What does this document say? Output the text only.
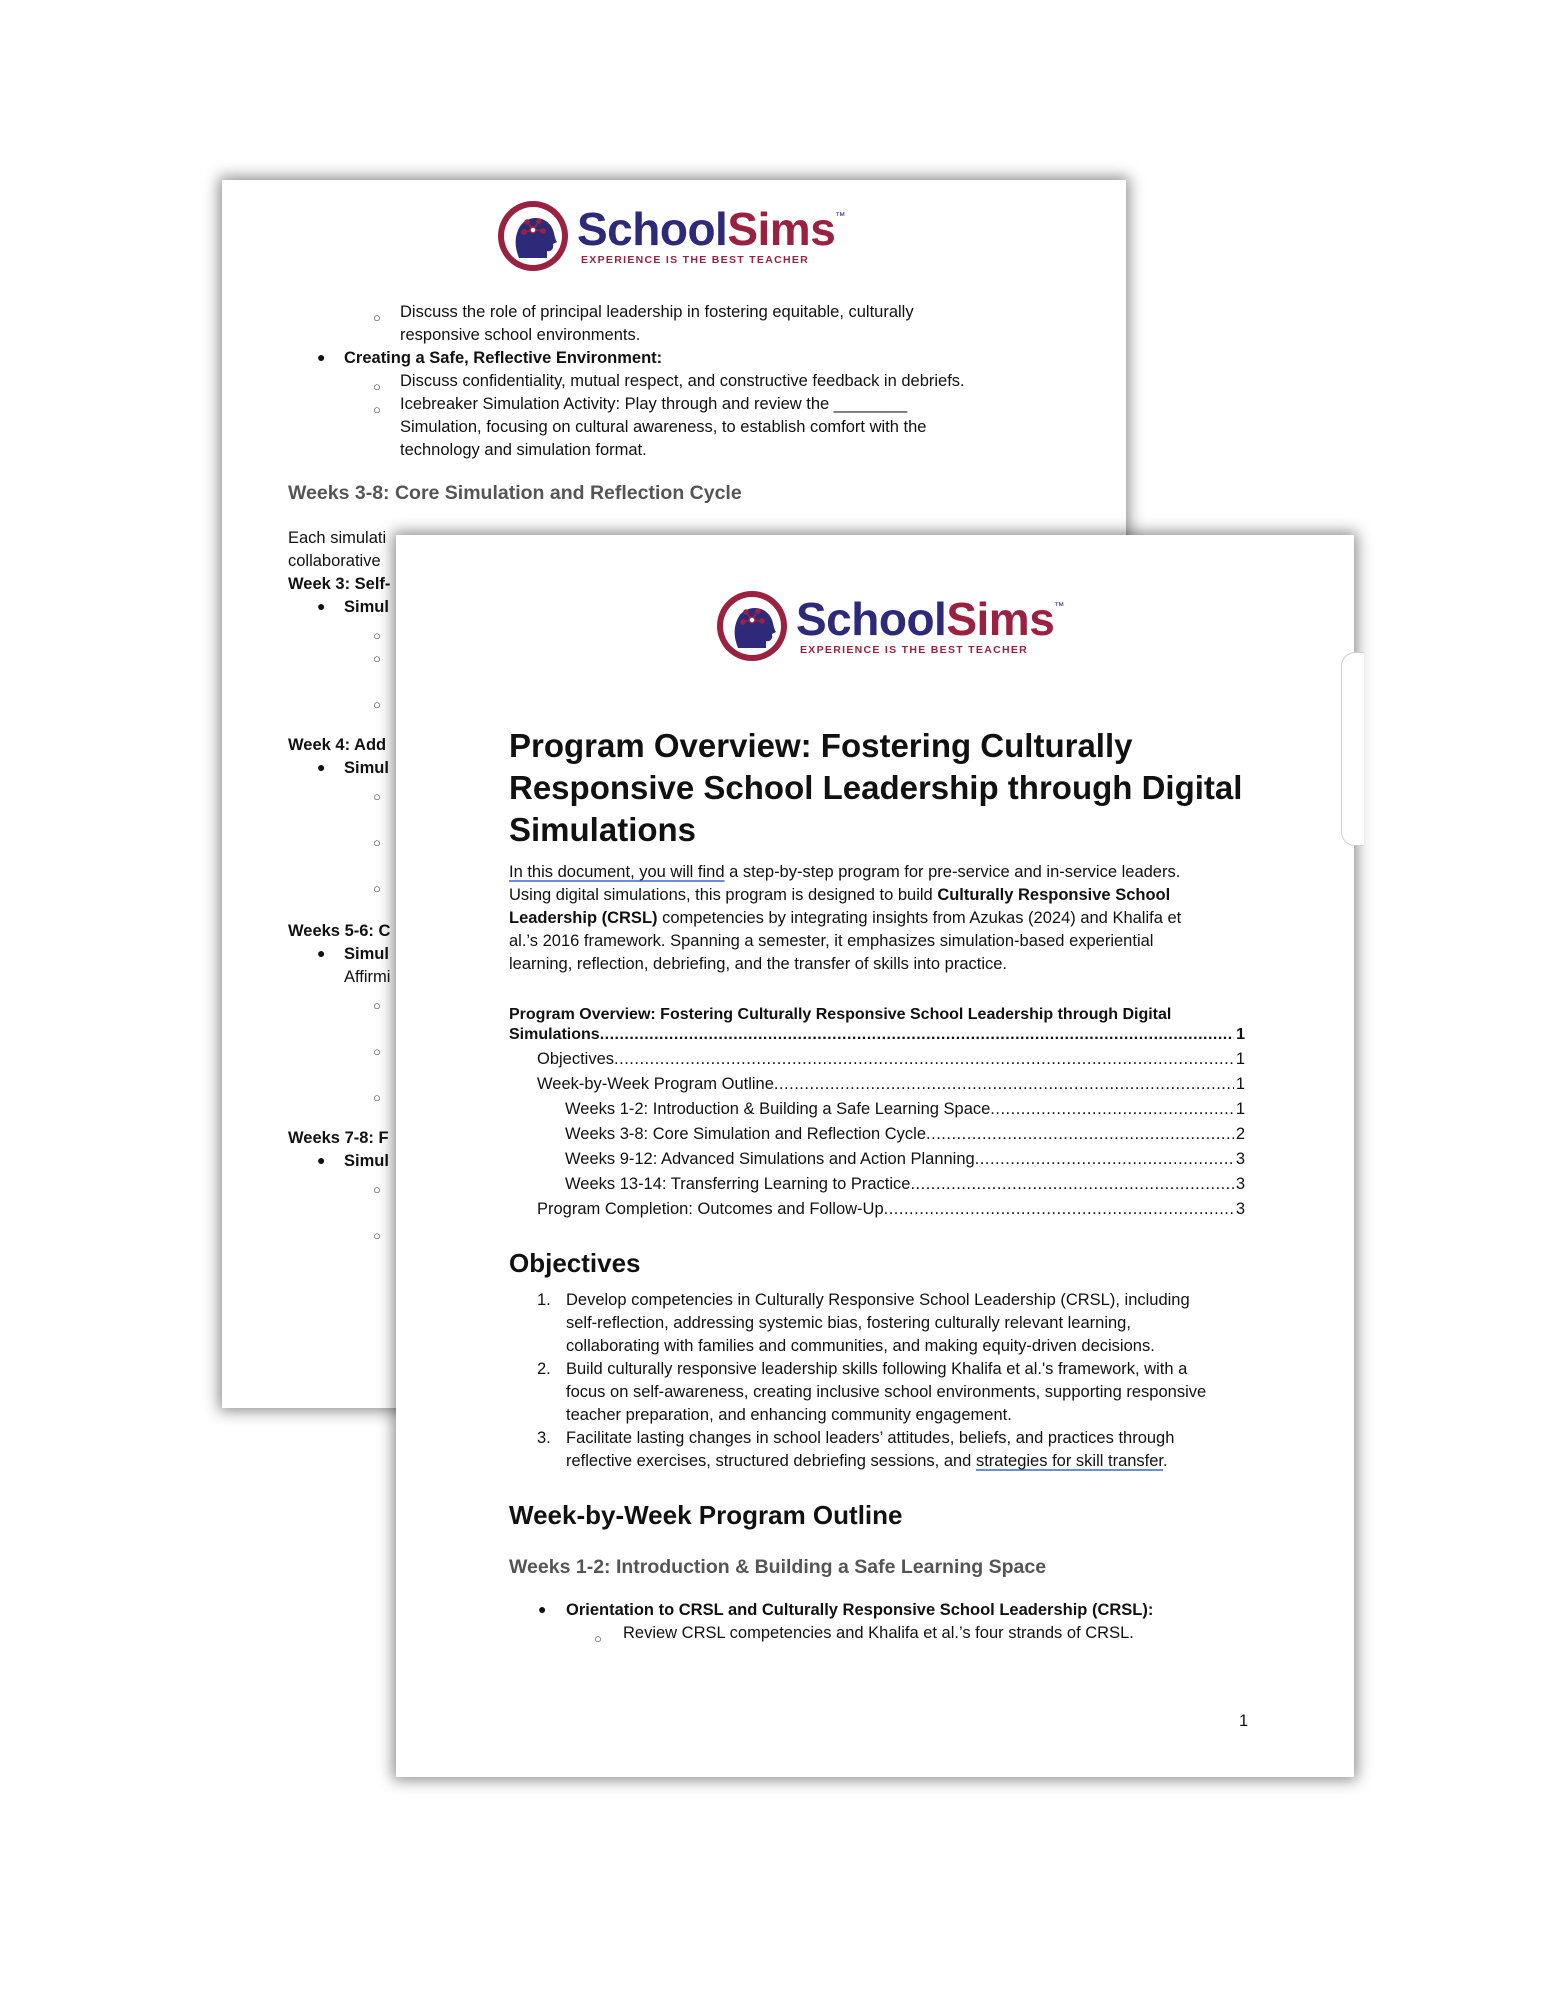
SchoolSims™
EXPERIENCE IS THE BEST TEACHER
○ Discuss the role of principal leadership in fostering equitable, culturally
responsive school environments.
● Creating a Safe, Reflective Environment:
○ Discuss confidentiality, mutual respect, and constructive feedback in debriefs.
○ Icebreaker Simulation Activity: Play through and review the ________
Simulation, focusing on cultural awareness, to establish comfort with the
technology and simulation format.
Weeks 3-8: Core Simulation and Reflection Cycle
Each simulati
collaborative
Week 3: Self-
● Simul
○
○
○
Week 4: Add
● Simul
○
○
○
Weeks 5-6: C
● Simul
Affirmi
○
○
○
Weeks 7-8: F
● Simul
○
○
SchoolSims™
EXPERIENCE IS THE BEST TEACHER
Program Overview: Fostering Culturally
Responsive School Leadership through Digital
Simulations
In this document, you will find a step-by-step program for pre-service and in-service leaders.
Using digital simulations, this program is designed to build Culturally Responsive School
Leadership (CRSL) competencies by integrating insights from Azukas (2024) and Khalifa et
al.’s 2016 framework. Spanning a semester, it emphasizes simulation-based experiential
learning, reflection, debriefing, and the transfer of skills into practice.
Program Overview: Fostering Culturally Responsive School Leadership through Digital
Simulations .....	1
Objectives .....	1
Week-by-Week Program Outline .....	1
Weeks 1-2: Introduction & Building a Safe Learning Space .....	1
Weeks 3-8: Core Simulation and Reflection Cycle .....	2
Weeks 9-12: Advanced Simulations and Action Planning .....	3
Weeks 13-14: Transferring Learning to Practice .....	3
Program Completion: Outcomes and Follow-Up .....	3
Objectives
1. Develop competencies in Culturally Responsive School Leadership (CRSL), including
self-reflection, addressing systemic bias, fostering culturally relevant learning,
collaborating with families and communities, and making equity-driven decisions.
2. Build culturally responsive leadership skills following Khalifa et al.'s framework, with a
focus on self-awareness, creating inclusive school environments, supporting responsive
teacher preparation, and enhancing community engagement.
3. Facilitate lasting changes in school leaders’ attitudes, beliefs, and practices through
reflective exercises, structured debriefing sessions, and strategies for skill transfer.
Week-by-Week Program Outline
Weeks 1-2: Introduction & Building a Safe Learning Space
● Orientation to CRSL and Culturally Responsive School Leadership (CRSL):
○ Review CRSL competencies and Khalifa et al.’s four strands of CRSL.
1
